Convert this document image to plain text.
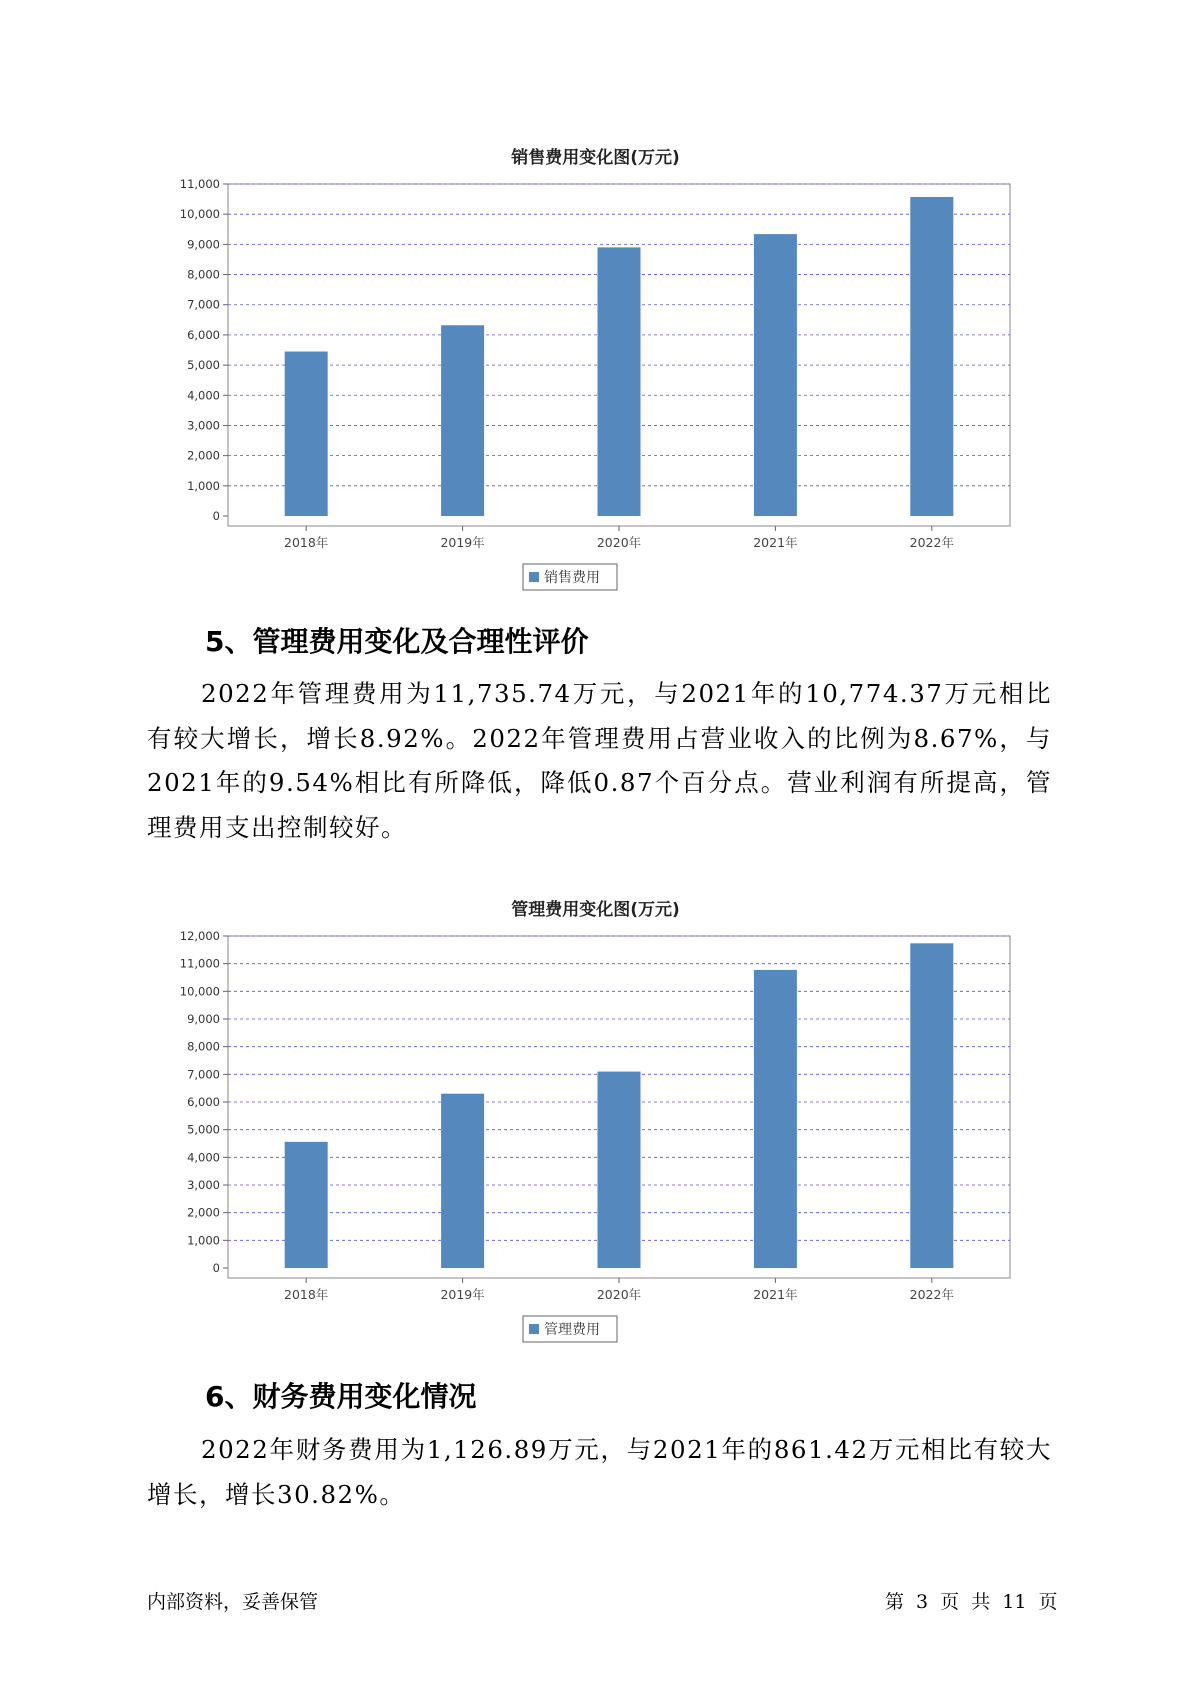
销售费用变化图(万元)
0
1,000
2,000
3,000
4,000
5,000
6,000
7,000
8,000
9,000
10,000
11,000
2018年	2019年	2020年	2021年	2022年
销售费用
5、管理费用变化及合理性评价
2022年管理费用为11,735.74万元，与2021年的10,774.37万元相比有较大增长，增长8.92%。2022年管理费用占营业收入的比例为8.67%，与2021年的9.54%相比有所降低，降低0.87个百分点。营业利润有所提高，管理费用支出控制较好。
管理费用变化图(万元)
0
1,000
2,000
3,000
4,000
5,000
6,000
7,000
8,000
9,000
10,000
11,000
12,000
2018年	2019年	2020年	2021年	2022年
管理费用
6、财务费用变化情况
2022年财务费用为1,126.89万元，与2021年的861.42万元相比有较大增长，增长30.82%。
内部资料，妥善保管	第 3 页 共 11 页
